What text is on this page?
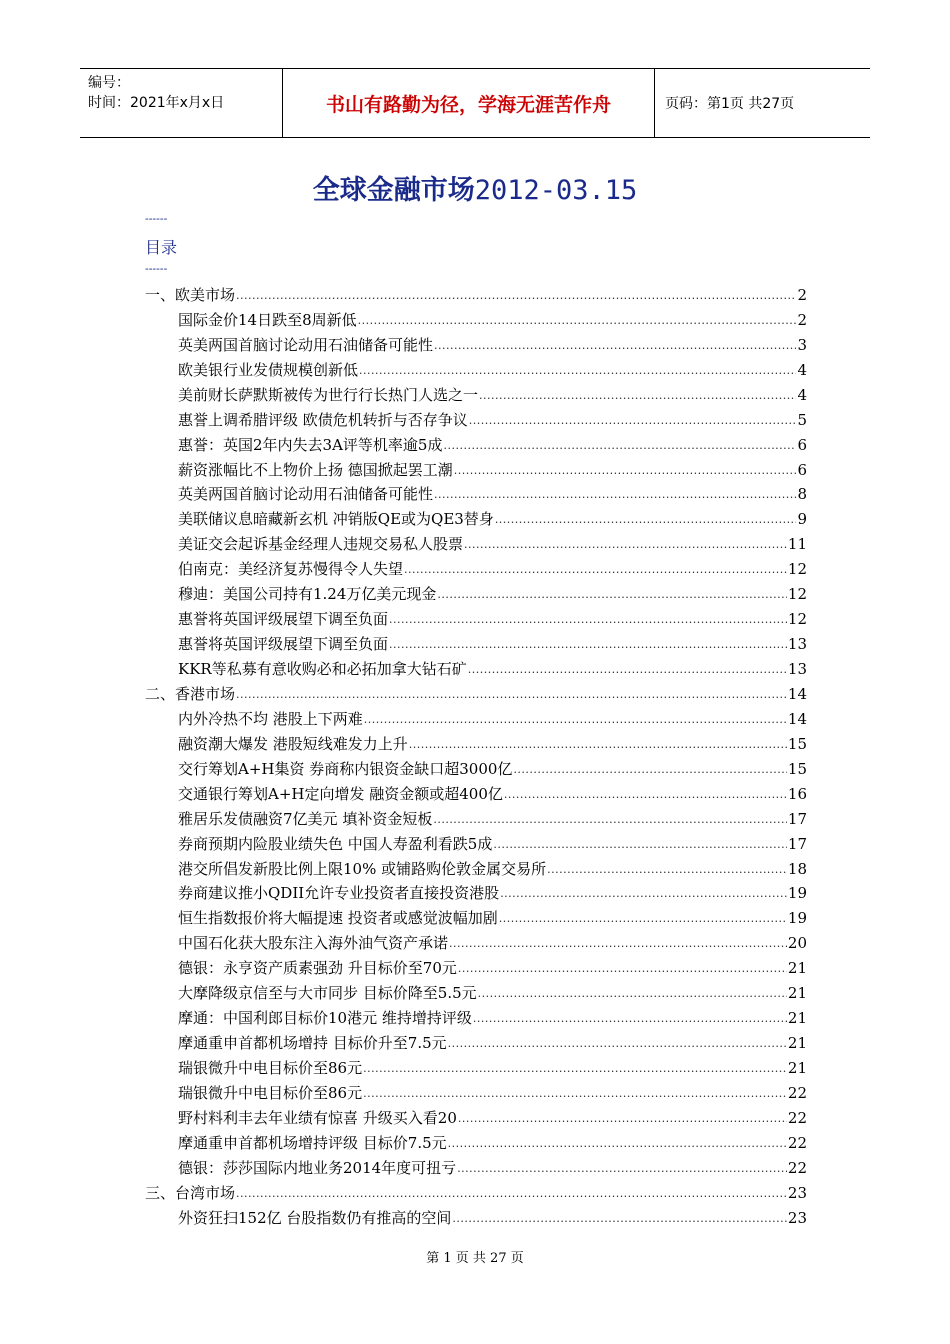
编号：
时间：2021年x月x日	书山有路勤为径，学海无涯苦作舟	页码：第1页 共27页
全球金融市场2012-03.15
------
目录
------
一、欧美市场 .....	2
国际金价14日跌至8周新低 .....	2
英美两国首脑讨论动用石油储备可能性 .....	3
欧美银行业发债规模创新低 .....	4
美前财长萨默斯被传为世行行长热门人选之一 .....	4
惠誉上调希腊评级 欧债危机转折与否存争议 .....	5
惠誉：英国2年内失去3A评等机率逾5成 .....	6
薪资涨幅比不上物价上扬 德国掀起罢工潮 .....	6
英美两国首脑讨论动用石油储备可能性 .....	8
美联储议息暗藏新玄机 冲销版QE或为QE3替身 .....	9
美证交会起诉基金经理人违规交易私人股票 .....	11
伯南克：美经济复苏慢得令人失望 .....	12
穆迪：美国公司持有1.24万亿美元现金 .....	12
惠誉将英国评级展望下调至负面 .....	12
惠誉将英国评级展望下调至负面 .....	13
KKR等私募有意收购必和必拓加拿大钻石矿 .....	13
二、香港市场 .....	14
内外冷热不均 港股上下两难 .....	14
融资潮大爆发 港股短线难发力上升 .....	15
交行筹划A+H集资 券商称内银资金缺口超3000亿 .....	15
交通银行筹划A+H定向增发 融资金额或超400亿 .....	16
雅居乐发债融资7亿美元 填补资金短板 .....	17
券商预期内险股业绩失色 中国人寿盈利看跌5成 .....	17
港交所倡发新股比例上限10% 或铺路购伦敦金属交易所 .....	18
券商建议推小QDII允许专业投资者直接投资港股 .....	19
恒生指数报价将大幅提速 投资者或感觉波幅加剧 .....	19
中国石化获大股东注入海外油气资产承诺 .....	20
德银：永亨资产质素强劲 升目标价至70元 .....	21
大摩降级京信至与大市同步 目标价降至5.5元 .....	21
摩通：中国利郎目标价10港元 维持增持评级 .....	21
摩通重申首都机场增持 目标价升至7.5元 .....	21
瑞银微升中电目标价至86元 .....	21
瑞银微升中电目标价至86元 .....	22
野村料利丰去年业绩有惊喜 升级买入看20 .....	22
摩通重申首都机场增持评级 目标价7.5元 .....	22
德银：莎莎国际内地业务2014年度可扭亏 .....	22
三、台湾市场 .....	23
外资狂扫152亿 台股指数仍有推高的空间 .....	23
第 1 页 共 27 页
